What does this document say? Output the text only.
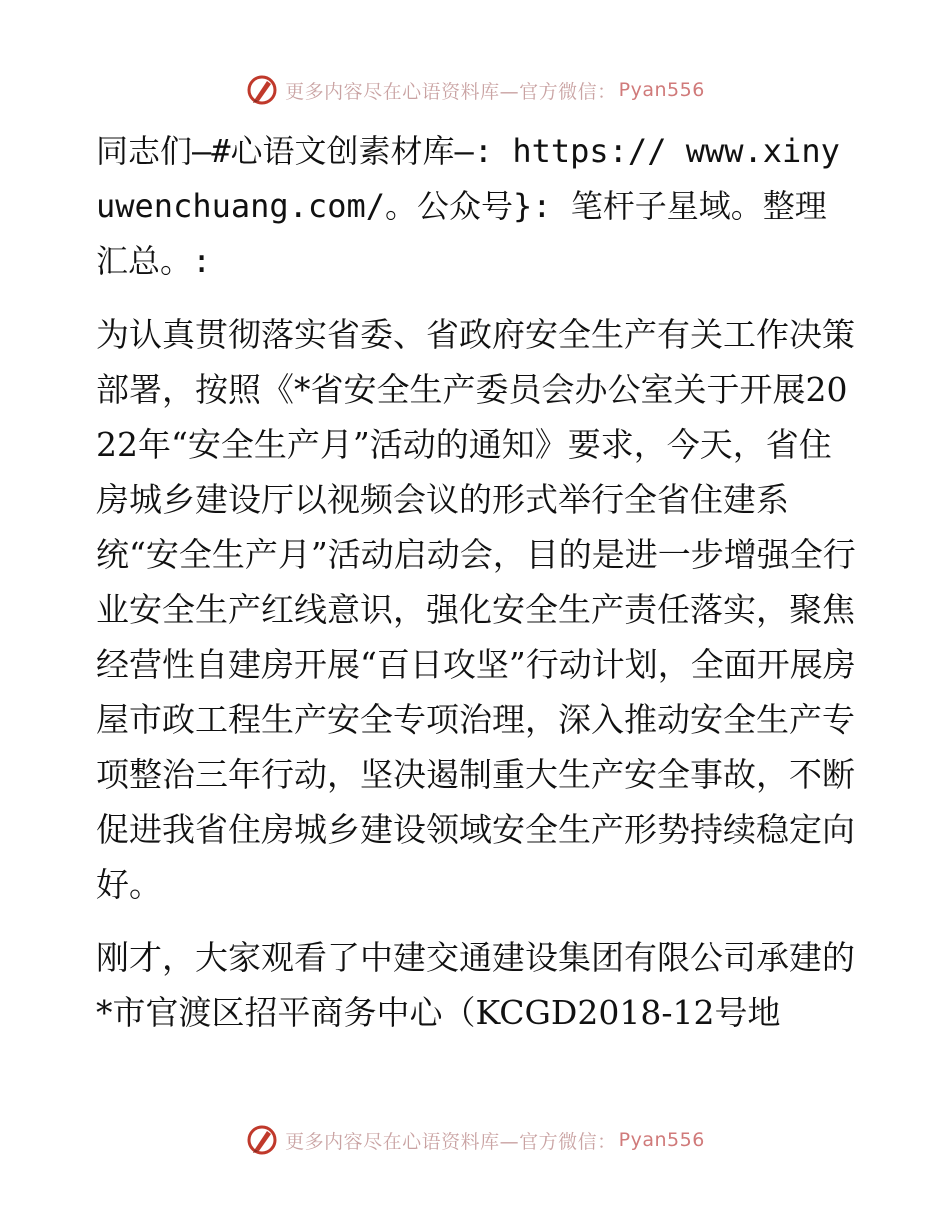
更多内容尽在心语资料库—官方微信： Pyan556

同志们—#心语文创素材库—: https:// www.xinyuwenchuang.com/。公众号}: 笔杆子星域。整理汇总。:

为认真贯彻落实省委、省政府安全生产有关工作决策部署，按照《*省安全生产委员会办公室关于开展2022年“安全生产月”活动的通知》要求，今天，省住房城乡建设厅以视频会议的形式举行全省住建系统“安全生产月”活动启动会，目的是进一步增强全行业安全生产红线意识，强化安全生产责任落实，聚焦经营性自建房开展“百日攻坚”行动计划，全面开展房屋市政工程生产安全专项治理，深入推动安全生产专项整治三年行动，坚决遏制重大生产安全事故，不断促进我省住房城乡建设领域安全生产形势持续稳定向好。

刚才，大家观看了中建交通建设集团有限公司承建的*市官渡区招平商务中心（KCGD2018-12号地

更多内容尽在心语资料库—官方微信： Pyan556
